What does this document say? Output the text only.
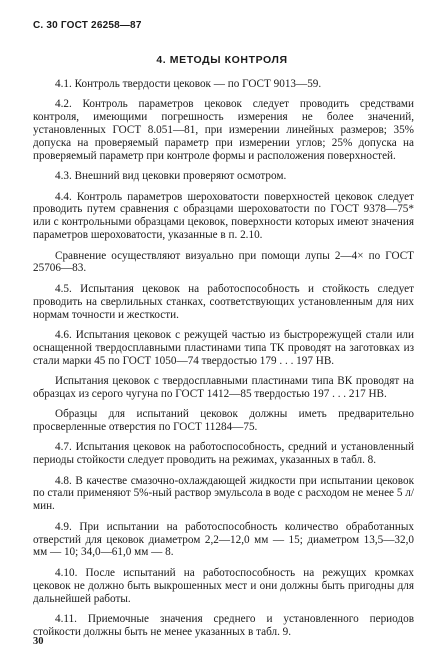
С. 30 ГОСТ 26258—87
4. МЕТОДЫ КОНТРОЛЯ

4.1. Контроль твердости цековок — по ГОСТ 9013—59.

4.2. Контроль параметров цековок следует проводить средствами контроля, имеющими погрешность измерения не более значений, установленных ГОСТ 8.051—81, при измерении линейных размеров; 35% допуска на проверяемый параметр при измерении углов; 25% допуска на проверяемый параметр при контроле формы и расположения поверхностей.

4.3. Внешний вид цековки проверяют осмотром.

4.4. Контроль параметров шероховатости поверхностей цековок следует проводить путем сравнения с образцами шероховатости по ГОСТ 9378—75* или с контрольными образцами цековок, поверхности которых имеют значения параметров шероховатости, указанные в п. 2.10.

Сравнение осуществляют визуально при помощи лупы 2—4× по ГОСТ 25706—83.

4.5. Испытания цековок на работоспособность и стойкость следует проводить на сверлильных станках, соответствующих установленным для них нормам точности и жесткости.

4.6. Испытания цековок с режущей частью из быстрорежущей стали или оснащенной твердосплавными пластинами типа ТК проводят на заготовках из стали марки 45 по ГОСТ 1050—74 твердостью 179 . . . 197 НВ.

Испытания цековок с твердосплавными пластинами типа ВК проводят на образцах из серого чугуна по ГОСТ 1412—85 твердостью 197 . . . 217 НВ.

Образцы для испытаний цековок должны иметь предварительно просверленные отверстия по ГОСТ 11284—75.

4.7. Испытания цековок на работоспособность, средний и установленный периоды стойкости следует проводить на режимах, указанных в табл. 8.

4.8. В качестве смазочно-охлаждающей жидкости при испытании цековок по стали применяют 5%-ный раствор эмульсола в воде с расходом не менее 5 л/мин.

4.9. При испытании на работоспособность количество обработанных отверстий для цековок диаметром 2,2—12,0 мм — 15; диаметром 13,5—32,0 мм — 10; 34,0—61,0 мм — 8.

4.10. После испытаний на работоспособность на режущих кромках цековок не должно быть выкрошенных мест и они должны быть пригодны для дальнейшей работы.

4.11. Приемочные значения среднего и установленного периодов стойкости должны быть не менее указанных в табл. 9.

30
